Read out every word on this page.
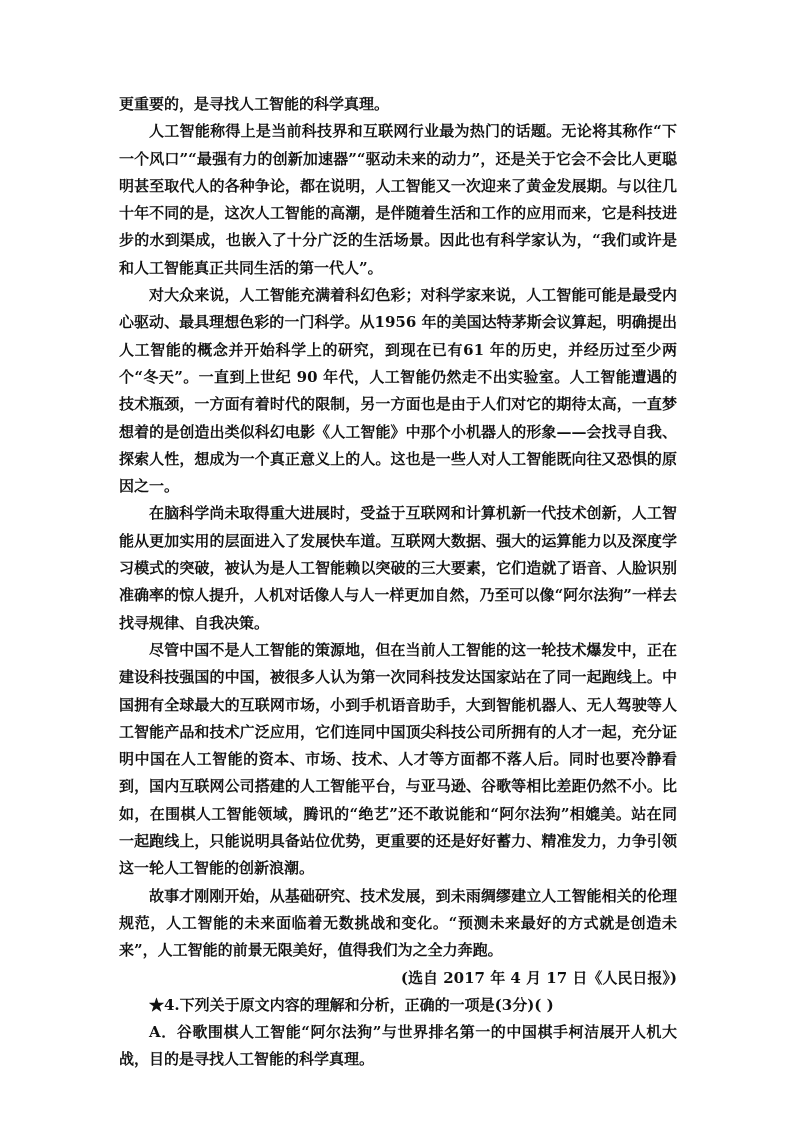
更重要的，是寻找人工智能的科学真理。

人工智能称得上是当前科技界和互联网行业最为热门的话题。无论将其称作“下一个风口”“最强有力的创新加速器”“驱动未来的动力”，还是关于它会不会比人更聪明甚至取代人的各种争论，都在说明，人工智能又一次迎来了黄金发展期。与以往几十年不同的是，这次人工智能的高潮，是伴随着生活和工作的应用而来，它是科技进步的水到渠成，也嵌入了十分广泛的生活场景。因此也有科学家认为，“我们或许是和人工智能真正共同生活的第一代人”。

对大众来说，人工智能充满着科幻色彩；对科学家来说，人工智能可能是最受内心驱动、最具理想色彩的一门科学。从1956 年的美国达特茅斯会议算起，明确提出人工智能的概念并开始科学上的研究，到现在已有61 年的历史，并经历过至少两个“冬天”。一直到上世纪 90 年代，人工智能仍然走不出实验室。人工智能遭遇的技术瓶颈，一方面有着时代的限制，另一方面也是由于人们对它的期待太高，一直梦想着的是创造出类似科幻电影《人工智能》中那个小机器人的形象——会找寻自我、探索人性，想成为一个真正意义上的人。这也是一些人对人工智能既向往又恐惧的原因之一。

在脑科学尚未取得重大进展时，受益于互联网和计算机新一代技术创新，人工智能从更加实用的层面进入了发展快车道。互联网大数据、强大的运算能力以及深度学习模式的突破，被认为是人工智能赖以突破的三大要素，它们造就了语音、人脸识别准确率的惊人提升，人机对话像人与人一样更加自然，乃至可以像“阿尔法狗”一样去找寻规律、自我决策。

尽管中国不是人工智能的策源地，但在当前人工智能的这一轮技术爆发中，正在建设科技强国的中国，被很多人认为第一次同科技发达国家站在了同一起跑线上。中国拥有全球最大的互联网市场，小到手机语音助手，大到智能机器人、无人驾驶等人工智能产品和技术广泛应用，它们连同中国顶尖科技公司所拥有的人才一起，充分证明中国在人工智能的资本、市场、技术、人才等方面都不落人后。同时也要冷静看到，国内互联网公司搭建的人工智能平台，与亚马逊、谷歌等相比差距仍然不小。比如，在围棋人工智能领域，腾讯的“绝艺”还不敢说能和“阿尔法狗”相媲美。站在同一起跑线上，只能说明具备站位优势，更重要的还是好好蓄力、精准发力，力争引领这一轮人工智能的创新浪潮。

故事才刚刚开始，从基础研究、技术发展，到未雨绸缪建立人工智能相关的伦理规范，人工智能的未来面临着无数挑战和变化。“预测未来最好的方式就是创造未来”，人工智能的前景无限美好，值得我们为之全力奔跑。

(选自 2017 年 4 月 17 日《人民日报》)

★4.下列关于原文内容的理解和分析，正确的一项是(3分)( )

A．谷歌围棋人工智能“阿尔法狗”与世界排名第一的中国棋手柯洁展开人机大战，目的是寻找人工智能的科学真理。
